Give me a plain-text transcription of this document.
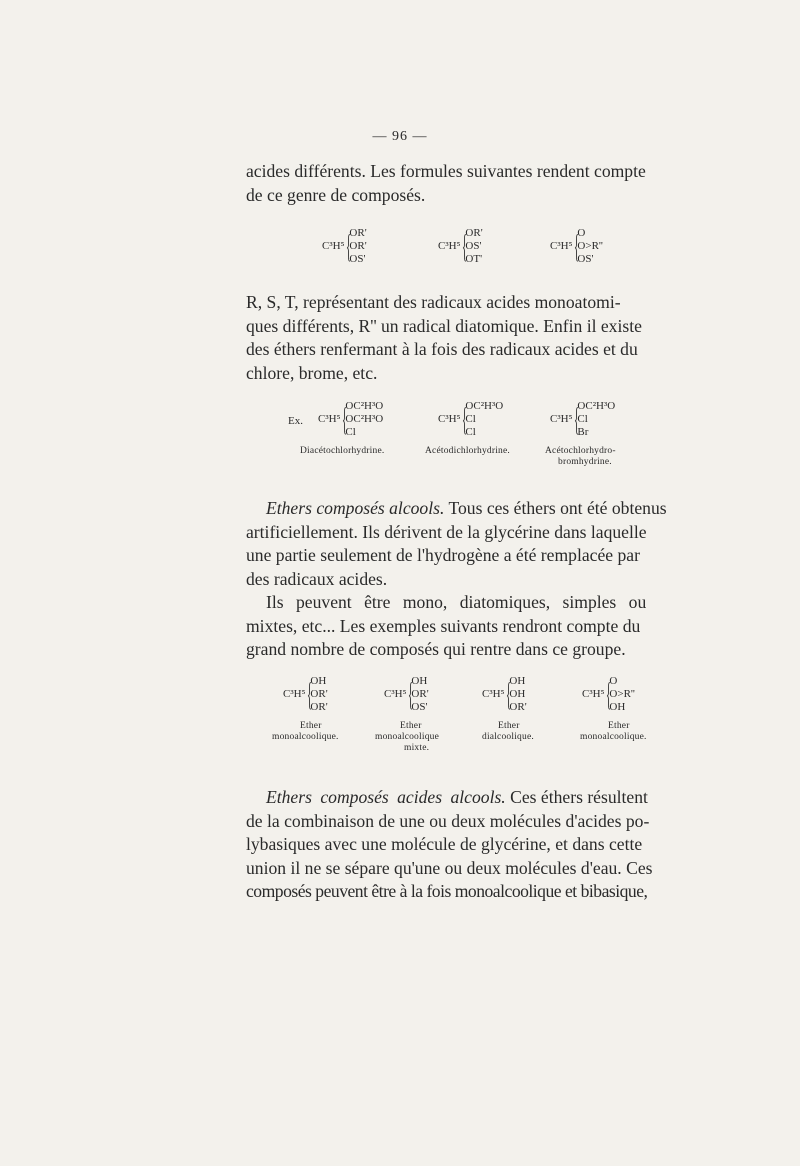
— 96 —

acides différents. Les formules suivantes rendent compte

de ce genre de composés.

C³H⁵ {
OR'
OR'
OS'
C³H⁵ {
OR'
OS'
OT'
C³H⁵ {
O
O>R''
OS'

R, S, T, représentant des radicaux acides monoatomi-

ques différents, R'' un radical diatomique. Enfin il existe

des éthers renfermant à la fois des radicaux acides et du

chlore, brome, etc.

Ex. C³H⁵ {
OC²H³O
OC²H³O
Cl
C³H⁵ {
OC²H³O
Cl
Cl
C³H⁵ {
OC²H³O
Cl
Br
Diacétochlorhydrine.	Acétodichlorhydrine.	Acétochlorhydro-
bromhydrine.

Ethers composés alcools. Tous ces éthers ont été obtenus

artificiellement. Ils dérivent de la glycérine dans laquelle

une partie seulement de l'hydrogène a été remplacée par

des radicaux acides.

Ils peuvent être mono, diatomiques, simples ou

mixtes, etc... Les exemples suivants rendront compte du

grand nombre de composés qui rentre dans ce groupe.

C³H⁵ {
OH
OR'
OR'
C³H⁵ {
OH
OR'
OS'
C³H⁵ {
OH
OH
OR'
C³H⁵ {
O
O>R''
OH
Ether
monoalcoolique.
Ether
monoalcoolique
mixte.
Ether
dialcoolique.
Ether
monoalcoolique.

Ethers composés acides alcools. Ces éthers résultent

de la combinaison de une ou deux molécules d'acides po-

lybasiques avec une molécule de glycérine, et dans cette

union il ne se sépare qu'une ou deux molécules d'eau. Ces

composés peuvent être à la fois monoalcoolique et bibasique,
